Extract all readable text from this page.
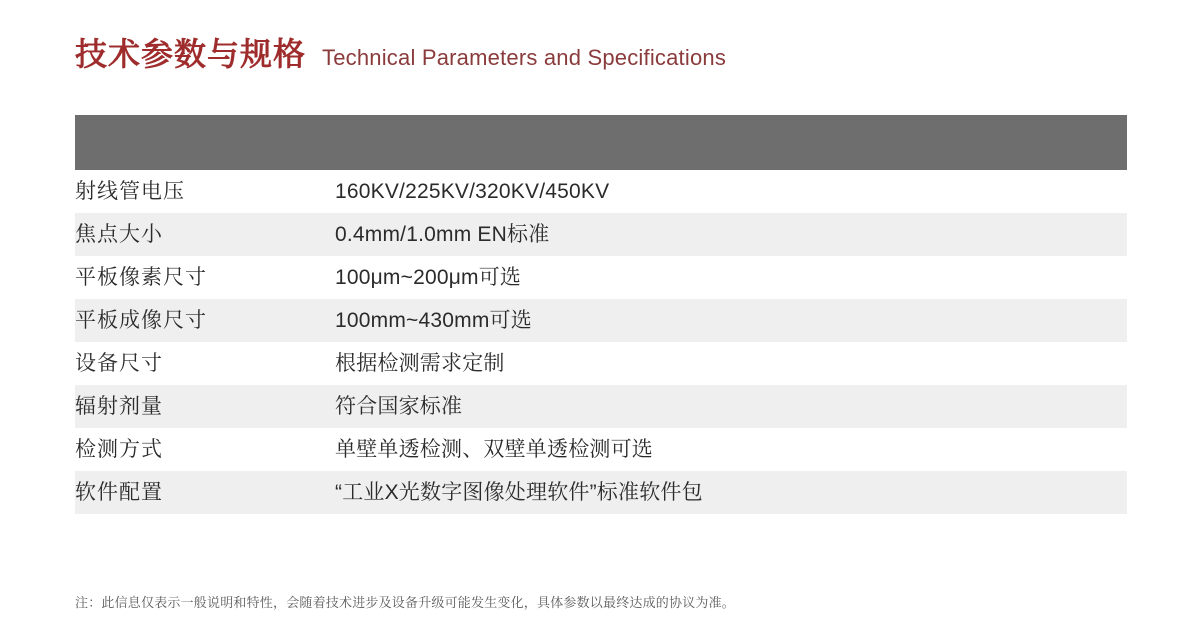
技术参数与规格 Technical Parameters and Specifications
射线管电压	160KV/225KV/320KV/450KV
焦点大小	0.4mm/1.0mm EN标准
平板像素尺寸	100μm~200μm可选
平板成像尺寸	100mm~430mm可选
设备尺寸	根据检测需求定制
辐射剂量	符合国家标准
检测方式	单壁单透检测、双壁单透检测可选
软件配置	“工业X光数字图像处理软件”标准软件包
注：此信息仅表示一般说明和特性，会随着技术进步及设备升级可能发生变化，具体参数以最终达成的协议为准。
